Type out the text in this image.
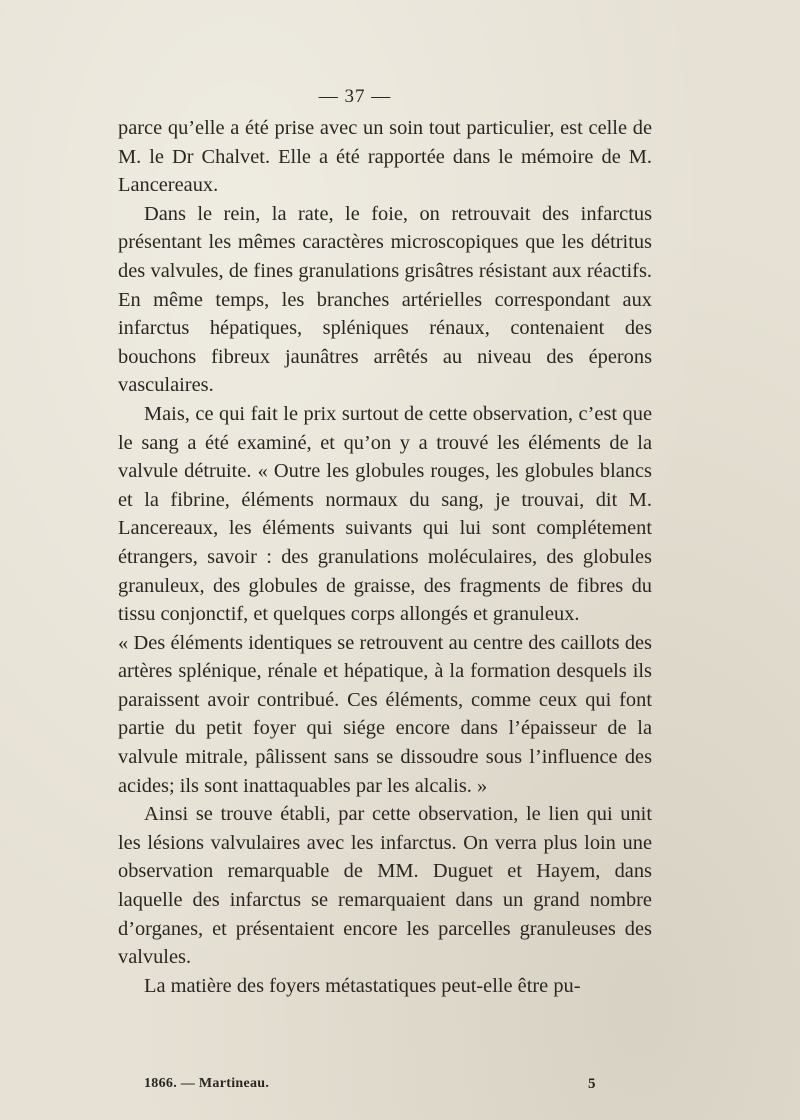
— 37 —

parce qu’elle a été prise avec un soin tout particulier, est celle de M. le Dr Chalvet. Elle a été rapportée dans le mémoire de M. Lancereaux.

Dans le rein, la rate, le foie, on retrouvait des infarctus présentant les mêmes caractères microscopiques que les détritus des valvules, de fines granulations grisâtres résistant aux réactifs. En même temps, les branches artérielles correspondant aux infarctus hépatiques, spléniques rénaux, contenaient des bouchons fibreux jaunâtres arrêtés au niveau des éperons vasculaires.

Mais, ce qui fait le prix surtout de cette observation, c’est que le sang a été examiné, et qu’on y a trouvé les éléments de la valvule détruite. « Outre les globules rouges, les globules blancs et la fibrine, éléments normaux du sang, je trouvai, dit M. Lancereaux, les éléments suivants qui lui sont complétement étrangers, savoir : des granulations moléculaires, des globules granuleux, des globules de graisse, des fragments de fibres du tissu conjonctif, et quelques corps allongés et granuleux.

« Des éléments identiques se retrouvent au centre des caillots des artères splénique, rénale et hépatique, à la formation desquels ils paraissent avoir contribué. Ces éléments, comme ceux qui font partie du petit foyer qui siége encore dans l’épaisseur de la valvule mitrale, pâlissent sans se dissoudre sous l’influence des acides; ils sont inattaquables par les alcalis. »

Ainsi se trouve établi, par cette observation, le lien qui unit les lésions valvulaires avec les infarctus. On verra plus loin une observation remarquable de MM. Duguet et Hayem, dans laquelle des infarctus se remarquaient dans un grand nombre d’organes, et présentaient encore les parcelles granuleuses des valvules.

La matière des foyers métastatiques peut-elle être pu-

1866. — Martineau.	5
